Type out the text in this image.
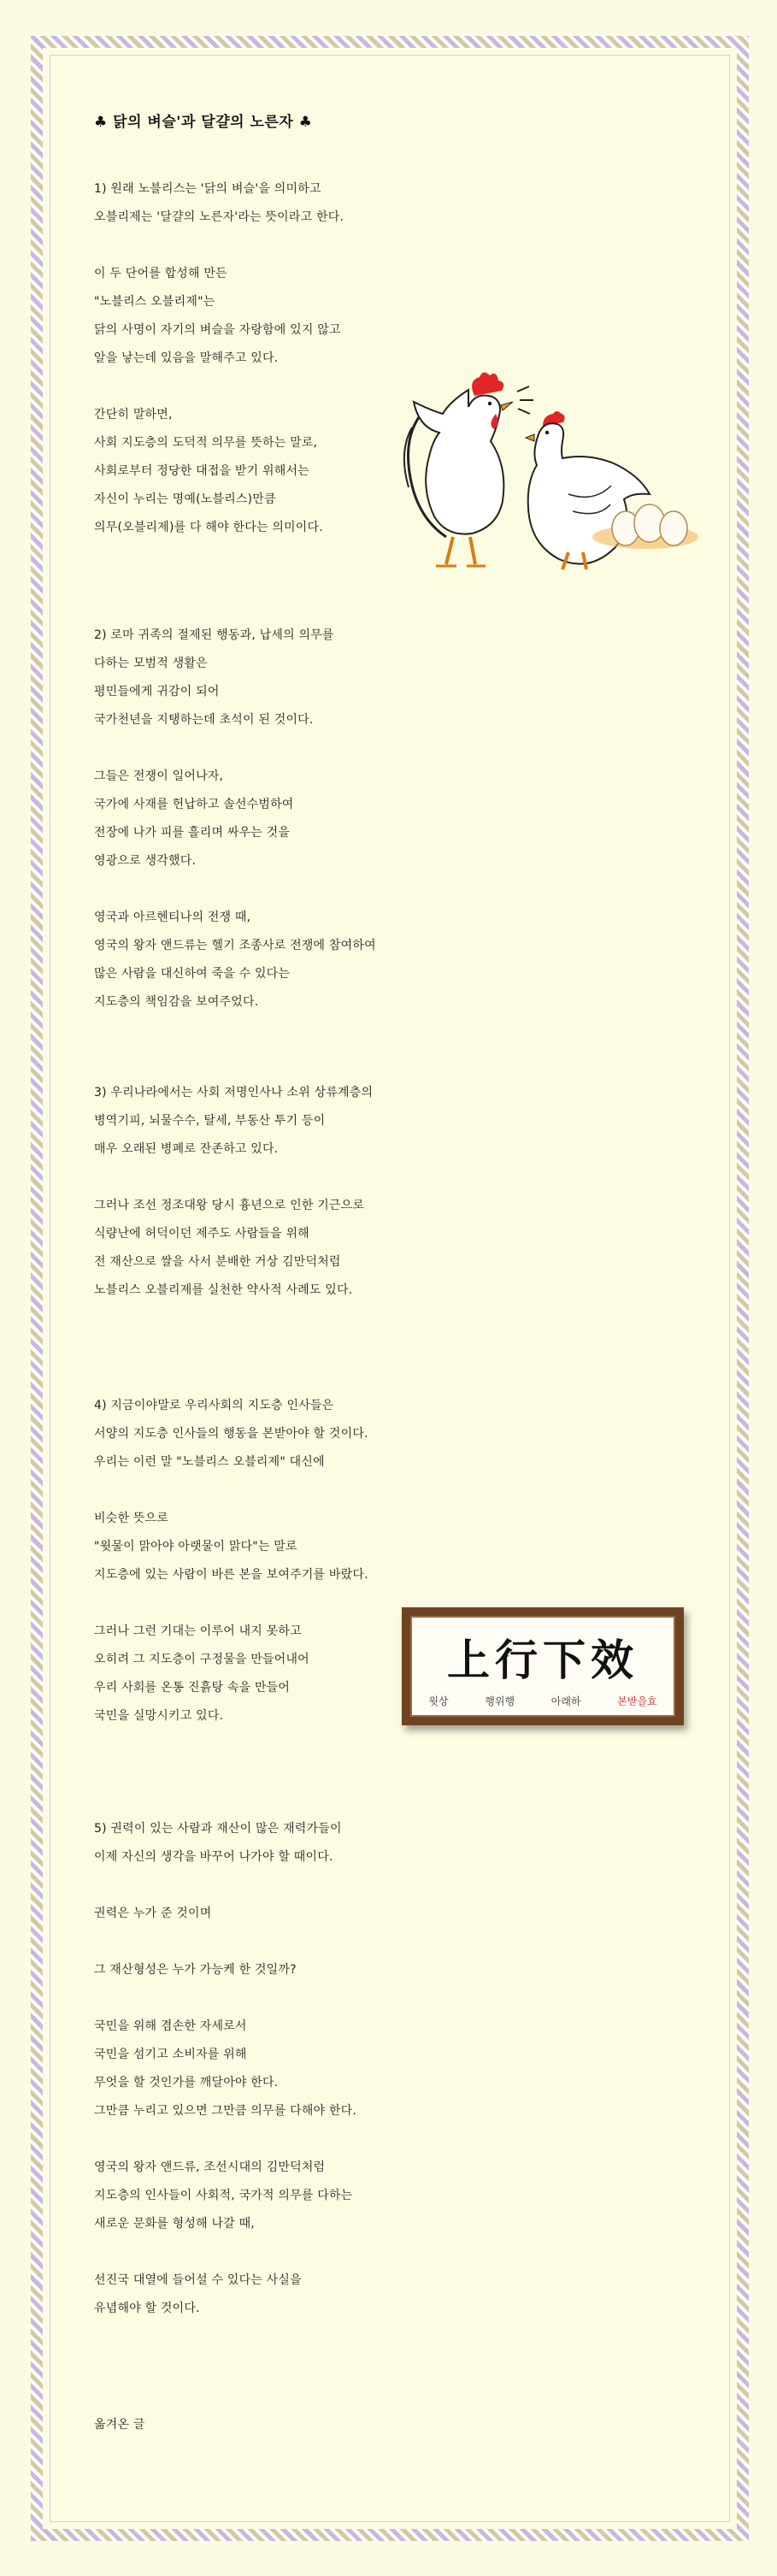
♣ 닭의 벼슬'과 달걀의 노른자 ♣
1) 원래 노블리스는 '닭의 벼슬'을 의미하고
오블리제는 '달걀의 노른자'라는 뜻이라고 한다.
이 두 단어를 합성해 만든
"노블리스 오블리제"는
닭의 사명이 자기의 벼슬을 자랑함에 있지 않고
알을 낳는데 있음을 말해주고 있다.
간단히 말하면,
사회 지도층의 도덕적 의무를 뜻하는 말로,
사회로부터 정당한 대접을 받기 위해서는
자신이 누리는 명예(노블리스)만큼
의무(오블리제)를 다 해야 한다는 의미이다.
2) 로마 귀족의 절제된 행동과, 납세의 의무를
다하는 모범적 생활은
평민들에게 귀감이 되어
국가천년을 지탱하는데 초석이 된 것이다.
그들은 전쟁이 일어나자,
국가에 사재를 헌납하고 솔선수범하여
전장에 나가 피를 흘리며 싸우는 것을
영광으로 생각했다.
영국과 아르헨티나의 전쟁 때,
영국의 왕자 앤드류는 헬기 조종사로 전쟁에 참여하여
많은 사람을 대신하여 죽을 수 있다는
지도층의 책임감을 보여주었다.
3) 우리나라에서는 사회 저명인사나 소위 상류계층의
병역기피, 뇌물수수, 탈세, 부동산 투기 등이
매우 오래된 병폐로 잔존하고 있다.
그러나 조선 정조대왕 당시 흉년으로 인한 기근으로
식량난에 허덕이던 제주도 사람들을 위해
전 재산으로 쌀을 사서 분배한 거상 김만덕처럼
노블리스 오블리제를 실천한 약사적 사례도 있다.
4) 지금이야말로 우리사회의 지도층 인사들은
서양의 지도층 인사들의 행동을 본받아야 할 것이다.
우리는 이런 말 "노블리스 오블리제" 대신에
비슷한 뜻으로
"윗물이 맑아야 아랫물이 맑다"는 말로
지도층에 있는 사람이 바른 본을 보여주기를 바랐다.
그러나 그런 기대는 이루어 내지 못하고
오히려 그 지도층이 구정물을 만들어내어
우리 사회를 온통 진흙탕 속을 만들어
국민을 실망시키고 있다.
5) 권력이 있는 사람과 재산이 많은 재력가들이
이제 자신의 생각을 바꾸어 나가야 할 때이다.
권력은 누가 준 것이며
그 재산형성은 누가 가능케 한 것일까?
국민을 위해 겸손한 자세로서
국민을 섬기고 소비자를 위해
무엇을 할 것인가를 깨달아야 한다.
그만큼 누리고 있으면 그만큼 의무를 다해야 한다.
영국의 왕자 앤드류, 조선시대의 김만덕처럼
지도층의 인사들이 사회적, 국가적 의무를 다하는
새로운 문화를 형성해 나갈 때,
선진국 대열에 들어설 수 있다는 사실을
유념해야 할 것이다.
옮겨온 글
上行下效
윗상	행위행	아래하	본받을효
